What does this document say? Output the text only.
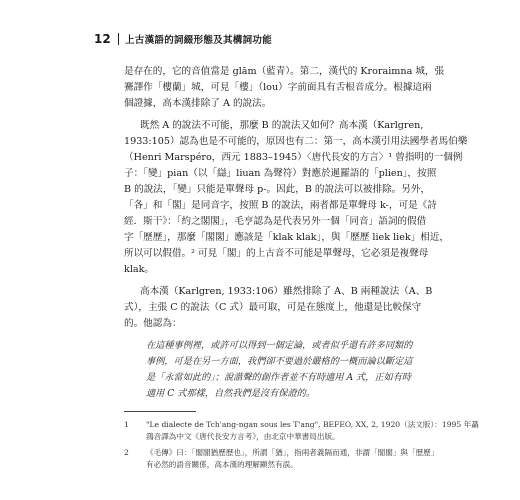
12	上古漢語的詞綴形態及其構詞功能
是存在的，它的音值當是 glām（藍青）。第二，漢代的 Kroraimna 城，張
騫譯作「樓蘭」城，可見「樓」（lou）字前面具有舌根音成分。根據這兩
個證據，高本漢排除了 A 的說法。
既然 A 的說法不可能，那麼 B 的說法又如何？高本漢（Karlgren,
1933:105）認為也是不可能的，原因也有二：第一，高本漢引用法國學者馬伯樂
（Henri Marspéro，西元 1883–1945）〈唐代長安的方言〉¹ 曾指明的一個例
子：「變」pian（以「䜌」liuan 為聲符）對應於暹羅語的「plien」，按照
B 的說法，「變」只能是單聲母 p-。因此，B 的說法可以被排除。另外，
「各」和「閣」是同音字，按照 B 的說法，兩者都是單聲母 k-，可是《詩
經．斯干》：「約之閣閣」，毛亨認為是代表另外一個「同音」語詞的假借
字「歷歷」，那麼「閣閣」應該是「klak klak」，與「歷歷 liek liek」相近，
所以可以假借。² 可見「閣」的上古音不可能是單聲母，它必須是複聲母
klak。
高本漢（Karlgren, 1933:106）雖然排除了 A、B 兩種說法（A、B
式），主張 C 的說法（C 式）最可取，可是在態度上，他還是比較保守
的。他認為：
在這種事例裡，或許可以得到一個定論，或者似乎還有許多同類的
事例，可是在另一方面，我們卻不要過於嚴格的一概而論以斷定這
是「永當如此的」；說諧聲的創作者並不有時適用 A 式，正如有時
適用 C 式那樣，自然我們是沒有保證的。
1 "Le dialecte de Tch'ang-ngan sous les T'ang", BEFEO, XX, 2, 1920（法文版）：1995 年聶
鴻音譯為中文《唐代長安方言考》，由北京中華書局出版。
2 《毛傳》曰：「閣閣猶歷歷也」，所謂「猶」，指兩者義隔而通，非謂「閣閣」與「歷歷」
有必然的語音關係，高本漢的理解顯然有誤。
